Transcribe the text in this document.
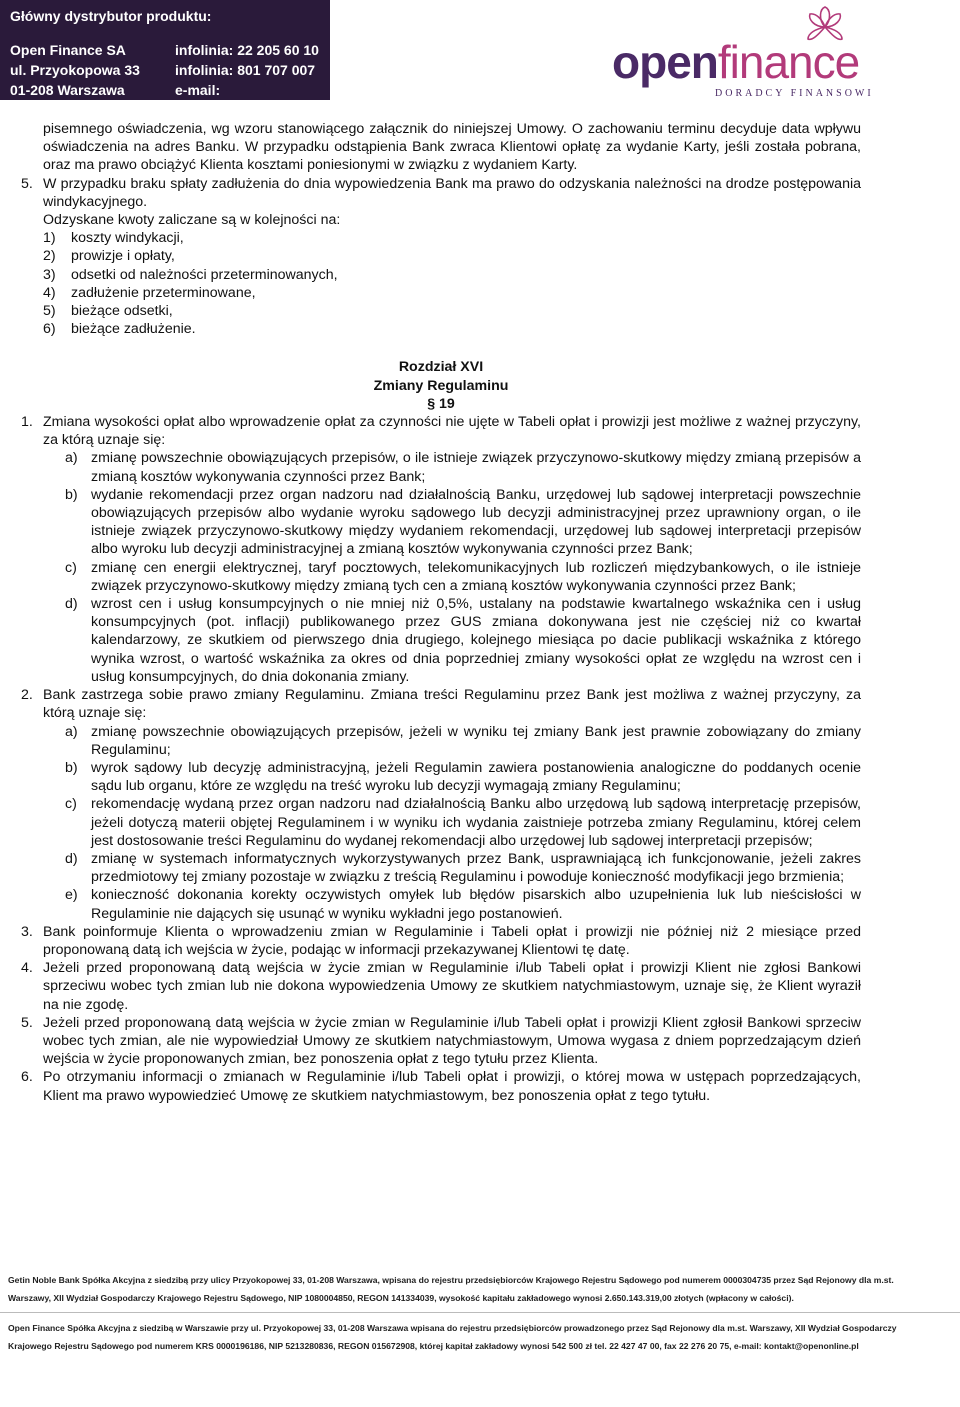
Główny dystrybutor produktu:
Open Finance SA	infolinia: 22 205 60 10
ul. Przyokopowa 33	infolinia: 801 707 007
01-208 Warszawa	e-mail: kontakt@openonline.pl
openfinance
DORADCY FINANSOWI

pisemnego oświadczenia, wg wzoru stanowiącego załącznik do niniejszej Umowy. O zachowaniu terminu decyduje data wpływu oświadczenia na adres Banku. W przypadku odstąpienia Bank zwraca Klientowi opłatę za wydanie Karty, jeśli została pobrana, oraz ma prawo obciążyć Klienta kosztami poniesionymi w związku z wydaniem Karty.

5. W przypadku braku spłaty zadłużenia do dnia wypowiedzenia Bank ma prawo do odzyskania należności na drodze postępowania windykacyjnego.

Odzyskane kwoty zaliczane są w kolejności na:

1) koszty windykacji,
2) prowizje i opłaty,
3) odsetki od należności przeterminowanych,
4) zadłużenie przeterminowane,
5) bieżące odsetki,
6) bieżące zadłużenie.

Rozdział XVI

Zmiany Regulaminu

§ 19

1. Zmiana wysokości opłat albo wprowadzenie opłat za czynności nie ujęte w Tabeli opłat i prowizji jest możliwe z ważnej przyczyny, za którą uznaje się:
a) zmianę powszechnie obowiązujących przepisów, o ile istnieje związek przyczynowo-skutkowy między zmianą przepisów a zmianą kosztów wykonywania czynności przez Bank;
b) wydanie rekomendacji przez organ nadzoru nad działalnością Banku, urzędowej lub sądowej interpretacji powszechnie obowiązujących przepisów albo wydanie wyroku sądowego lub decyzji administracyjnej przez uprawniony organ, o ile istnieje związek przyczynowo-skutkowy między wydaniem rekomendacji, urzędowej lub sądowej interpretacji przepisów albo wyroku lub decyzji administracyjnej a zmianą kosztów wykonywania czynności przez Bank;
c) zmianę cen energii elektrycznej, taryf pocztowych, telekomunikacyjnych lub rozliczeń międzybankowych, o ile istnieje związek przyczynowo-skutkowy między zmianą tych cen a zmianą kosztów wykonywania czynności przez Bank;
d) wzrost cen i usług konsumpcyjnych o nie mniej niż 0,5%, ustalany na podstawie kwartalnego wskaźnika cen i usług konsumpcyjnych (pot. inflacji) publikowanego przez GUS zmiana dokonywana jest nie częściej niż co kwartał kalendarzowy, ze skutkiem od pierwszego dnia drugiego, kolejnego miesiąca po dacie publikacji wskaźnika z którego wynika wzrost, o wartość wskaźnika za okres od dnia poprzedniej zmiany wysokości opłat ze względu na wzrost cen i usług konsumpcyjnych, do dnia dokonania zmiany.
2. Bank zastrzega sobie prawo zmiany Regulaminu. Zmiana treści Regulaminu przez Bank jest możliwa z ważnej przyczyny, za którą uznaje się:
a) zmianę powszechnie obowiązujących przepisów, jeżeli w wyniku tej zmiany Bank jest prawnie zobowiązany do zmiany Regulaminu;
b) wyrok sądowy lub decyzję administracyjną, jeżeli Regulamin zawiera postanowienia analogiczne do poddanych ocenie sądu lub organu, które ze względu na treść wyroku lub decyzji wymagają zmiany Regulaminu;
c) rekomendację wydaną przez organ nadzoru nad działalnością Banku albo urzędową lub sądową interpretację przepisów, jeżeli dotyczą materii objętej Regulaminem i w wyniku ich wydania zaistnieje potrzeba zmiany Regulaminu, której celem jest dostosowanie treści Regulaminu do wydanej rekomendacji albo urzędowej lub sądowej interpretacji przepisów;
d) zmianę w systemach informatycznych wykorzystywanych przez Bank, usprawniającą ich funkcjonowanie, jeżeli zakres przedmiotowy tej zmiany pozostaje w związku z treścią Regulaminu i powoduje konieczność modyfikacji jego brzmienia;
e) konieczność dokonania korekty oczywistych omyłek lub błędów pisarskich albo uzupełnienia luk lub nieścisłości w Regulaminie nie dających się usunąć w wyniku wykładni jego postanowień.
3. Bank poinformuje Klienta o wprowadzeniu zmian w Regulaminie i Tabeli opłat i prowizji nie później niż 2 miesiące przed proponowaną datą ich wejścia w życie, podając w informacji przekazywanej Klientowi tę datę.
4. Jeżeli przed proponowaną datą wejścia w życie zmian w Regulaminie i/lub Tabeli opłat i prowizji Klient nie zgłosi Bankowi sprzeciwu wobec tych zmian lub nie dokona wypowiedzenia Umowy ze skutkiem natychmiastowym, uznaje się, że Klient wyraził na nie zgodę.
5. Jeżeli przed proponowaną datą wejścia w życie zmian w Regulaminie i/lub Tabeli opłat i prowizji Klient zgłosił Bankowi sprzeciw wobec tych zmian, ale nie wypowiedział Umowy ze skutkiem natychmiastowym, Umowa wygasa z dniem poprzedzającym dzień wejścia w życie proponowanych zmian, bez ponoszenia opłat z tego tytułu przez Klienta.
6. Po otrzymaniu informacji o zmianach w Regulaminie i/lub Tabeli opłat i prowizji, o której mowa w ustępach poprzedzających, Klient ma prawo wypowiedzieć Umowę ze skutkiem natychmiastowym, bez ponoszenia opłat z tego tytułu.
Getin Noble Bank Spółka Akcyjna z siedzibą przy ulicy Przyokopowej 33, 01-208 Warszawa, wpisana do rejestru przedsiębiorców Krajowego Rejestru Sądowego pod numerem 0000304735 przez Sąd Rejonowy dla m.st.
Warszawy, XII Wydział Gospodarczy Krajowego Rejestru Sądowego, NIP 1080004850, REGON 141334039, wysokość kapitału zakładowego wynosi 2.650.143.319,00 złotych (wpłacony w całości).
Open Finance Spółka Akcyjna z siedzibą w Warszawie przy ul. Przyokopowej 33, 01-208 Warszawa wpisana do rejestru przedsiębiorców prowadzonego przez Sąd Rejonowy dla m.st. Warszawy, XII Wydział Gospodarczy
Krajowego Rejestru Sądowego pod numerem KRS 0000196186, NIP 5213280836, REGON 015672908, której kapitał zakładowy wynosi 542 500 zł tel. 22 427 47 00, fax 22 276 20 75, e-mail: kontakt@openonline.pl
